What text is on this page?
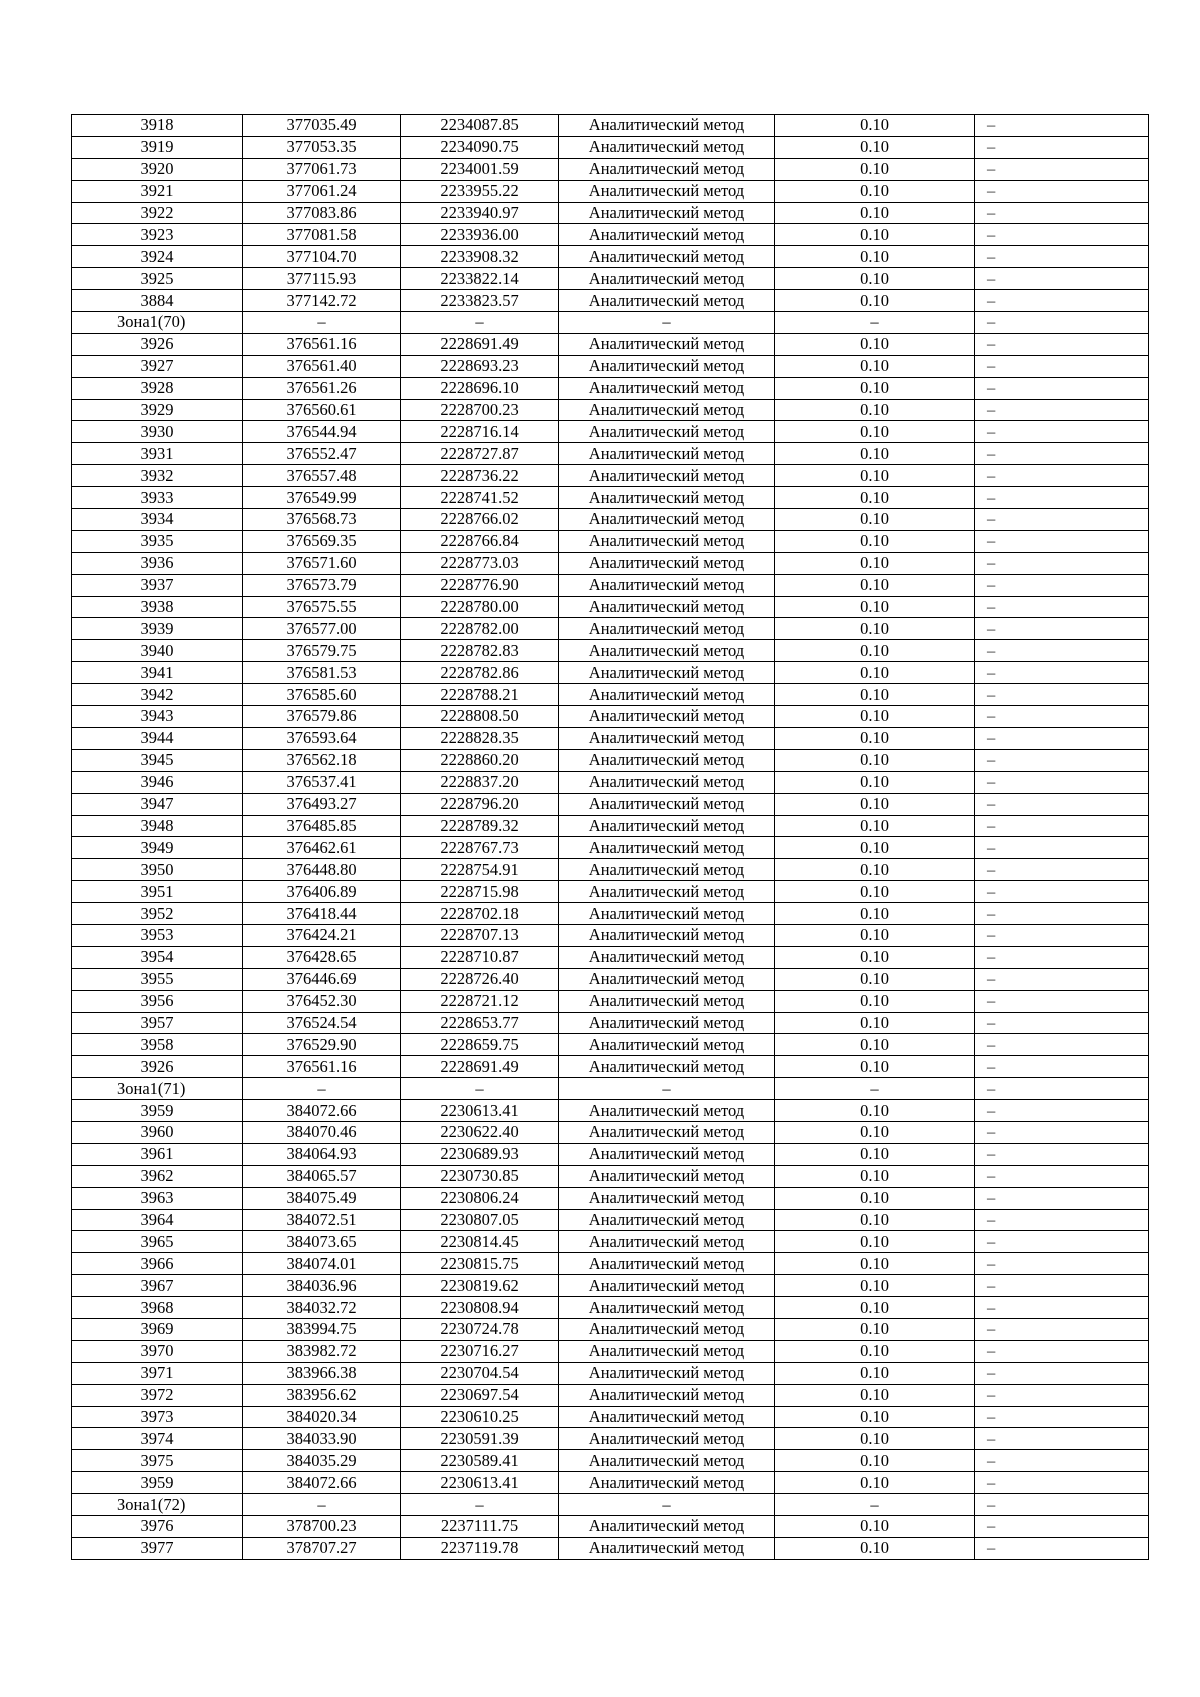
3918	377035.49	2234087.85	Аналитический метод	0.10	–
3919	377053.35	2234090.75	Аналитический метод	0.10	–
3920	377061.73	2234001.59	Аналитический метод	0.10	–
3921	377061.24	2233955.22	Аналитический метод	0.10	–
3922	377083.86	2233940.97	Аналитический метод	0.10	–
3923	377081.58	2233936.00	Аналитический метод	0.10	–
3924	377104.70	2233908.32	Аналитический метод	0.10	–
3925	377115.93	2233822.14	Аналитический метод	0.10	–
3884	377142.72	2233823.57	Аналитический метод	0.10	–
Зона1(70)	–	–	–	–	–
3926	376561.16	2228691.49	Аналитический метод	0.10	–
3927	376561.40	2228693.23	Аналитический метод	0.10	–
3928	376561.26	2228696.10	Аналитический метод	0.10	–
3929	376560.61	2228700.23	Аналитический метод	0.10	–
3930	376544.94	2228716.14	Аналитический метод	0.10	–
3931	376552.47	2228727.87	Аналитический метод	0.10	–
3932	376557.48	2228736.22	Аналитический метод	0.10	–
3933	376549.99	2228741.52	Аналитический метод	0.10	–
3934	376568.73	2228766.02	Аналитический метод	0.10	–
3935	376569.35	2228766.84	Аналитический метод	0.10	–
3936	376571.60	2228773.03	Аналитический метод	0.10	–
3937	376573.79	2228776.90	Аналитический метод	0.10	–
3938	376575.55	2228780.00	Аналитический метод	0.10	–
3939	376577.00	2228782.00	Аналитический метод	0.10	–
3940	376579.75	2228782.83	Аналитический метод	0.10	–
3941	376581.53	2228782.86	Аналитический метод	0.10	–
3942	376585.60	2228788.21	Аналитический метод	0.10	–
3943	376579.86	2228808.50	Аналитический метод	0.10	–
3944	376593.64	2228828.35	Аналитический метод	0.10	–
3945	376562.18	2228860.20	Аналитический метод	0.10	–
3946	376537.41	2228837.20	Аналитический метод	0.10	–
3947	376493.27	2228796.20	Аналитический метод	0.10	–
3948	376485.85	2228789.32	Аналитический метод	0.10	–
3949	376462.61	2228767.73	Аналитический метод	0.10	–
3950	376448.80	2228754.91	Аналитический метод	0.10	–
3951	376406.89	2228715.98	Аналитический метод	0.10	–
3952	376418.44	2228702.18	Аналитический метод	0.10	–
3953	376424.21	2228707.13	Аналитический метод	0.10	–
3954	376428.65	2228710.87	Аналитический метод	0.10	–
3955	376446.69	2228726.40	Аналитический метод	0.10	–
3956	376452.30	2228721.12	Аналитический метод	0.10	–
3957	376524.54	2228653.77	Аналитический метод	0.10	–
3958	376529.90	2228659.75	Аналитический метод	0.10	–
3926	376561.16	2228691.49	Аналитический метод	0.10	–
Зона1(71)	–	–	–	–	–
3959	384072.66	2230613.41	Аналитический метод	0.10	–
3960	384070.46	2230622.40	Аналитический метод	0.10	–
3961	384064.93	2230689.93	Аналитический метод	0.10	–
3962	384065.57	2230730.85	Аналитический метод	0.10	–
3963	384075.49	2230806.24	Аналитический метод	0.10	–
3964	384072.51	2230807.05	Аналитический метод	0.10	–
3965	384073.65	2230814.45	Аналитический метод	0.10	–
3966	384074.01	2230815.75	Аналитический метод	0.10	–
3967	384036.96	2230819.62	Аналитический метод	0.10	–
3968	384032.72	2230808.94	Аналитический метод	0.10	–
3969	383994.75	2230724.78	Аналитический метод	0.10	–
3970	383982.72	2230716.27	Аналитический метод	0.10	–
3971	383966.38	2230704.54	Аналитический метод	0.10	–
3972	383956.62	2230697.54	Аналитический метод	0.10	–
3973	384020.34	2230610.25	Аналитический метод	0.10	–
3974	384033.90	2230591.39	Аналитический метод	0.10	–
3975	384035.29	2230589.41	Аналитический метод	0.10	–
3959	384072.66	2230613.41	Аналитический метод	0.10	–
Зона1(72)	–	–	–	–	–
3976	378700.23	2237111.75	Аналитический метод	0.10	–
3977	378707.27	2237119.78	Аналитический метод	0.10	–
